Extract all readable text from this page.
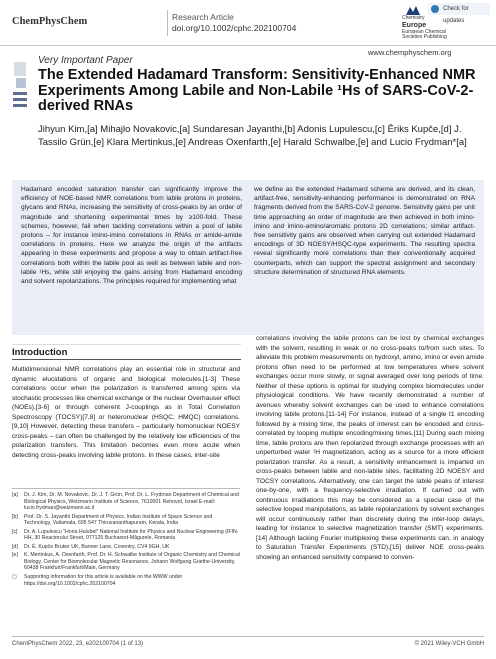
ChemPhysChem	Research Article
doi.org/10.1002/cphc.202100704
Chemistry
Europe
European Chemical
Societies Publishing
Check for updates
www.chemphyschem.org
Very Important Paper
The Extended Hadamard Transform: Sensitivity-Enhanced NMR Experiments Among Labile and Non-Labile ¹Hs of SARS-CoV-2-derived RNAs
Jihyun Kim,[a] Mihajlo Novakovic,[a] Sundaresan Jayanthi,[b] Adonis Lupulescu,[c] Ēriks Kupče,[d] J. Tassilo Grün,[e] Klara Mertinkus,[e] Andreas Oxenfarth,[e] Harald Schwalbe,[e] and Lucio Frydman*[a]
Hadamard encoded saturation transfer can significantly improve the efficiency of NOE-based NMR correlations from labile protons in proteins, glycans and RNAs, increasing the sensitivity of cross-peaks by an order of magnitude and shortening experimental times by ≥100-fold. These schemes, however, fail when tackling correlations within a pool of labile protons – for instance imino-imino correlations in RNAs or amide-amide correlations in proteins. Here we analyze the origin of the artifacts appearing in these experiments and propose a way to obtain artifact-free correlations both within the labile pool as well as between labile and non-labile ¹Hs, while still enjoying the gains arising from Hadamard encoding and solvent repolarizations. The principles required for implementing what
we define as the extended Hadamard scheme are derived, and its clean, artifact-free, sensitivity-enhancing performance is demonstrated on RNA fragments derived from the SARS-CoV-2 genome. Sensitivity gains per unit time approaching an order of magnitude are then achieved in both imino-imino and imino-amino/aromatic protons 2D correlations; similar artifact-free sensitivity gains are observed when carrying out extended Hadamard encodings of 3D NOESY/HSQC-type experiments. The resulting spectra reveal significantly more correlations than their conventionally acquired counterparts, which can support the spectral assignment and secondary structure determination of structured RNA elements.
Introduction
Multidimensional NMR correlations play an essential role in structural and dynamic elucidations of organic and biological molecules.[1-3] These correlations occur when the polarization is transferred among spins via stochastic processes like chemical exchange or the nuclear Overhauser effect (NOEs),[3-6] or through coherent J-couplings as in Total Correlation Spectroscopy (TOCSY)[7,8] or heteronuclear (HSQC, HMQC) correlations.[9,10] However, detecting these transfers – particularly homonuclear NOESY cross-peaks – can often be challenged by the relatively low efficiencies of the polarization transfers. This limitation becomes even more acute when detecting cross-peaks involving labile protons. In these cases, inter-site
correlations involving the labile protons can be lost by chemical exchanges with the solvent, resulting in weak or no cross-peaks to/from such sites. To alleviate this problem measurements on hydroxyl, amino, imino or even amide protons often need to be performed at low temperatures where solvent exchanges occur more slowly, or signal averaged over long periods of time. Neither of these options is optimal for studying complex biomolecules under physiological conditions. We have recently demonstrated a number of avenues whereby solvent exchanges can be used to enhance correlations involving labile protons.[11-14] For instance, instead of a single t1 encoding followed by a mixing time, the peaks of interest can be encoded and cross-correlated by looping multiple encoding/mixing times.[11] During each mixing time, labile protons are then repolarized through exchange processes with an unperturbed water ¹H magnetization, acting as a source for a more efficient polarization transfer. As a result, a sensitivity enhancement is imparted on cross-peaks between labile and non-labile sites, facilitating 2D NOESY and TOCSY correlations. Alternatively, one can target the labile peaks of interest one-by-one, with a frequency-selective irradiation. If carried out with continuous irradiations this may be considered as a special case of the selective looped manipulations, as labile repolarizations by solvent exchanges will occur continuously rather than discretely during the inter-loop delays, leading for instance to selective magnetization transfer (SMT) experiments.[14] Although lacking Fourier multiplexing these experiments can, in analogy to Saturation Transfer Experiments (STD),[15] deliver NOE cross-peaks showing an enhanced sensitivity compared to conven-
[a]	Dr. J. Kim, Dr. M. Novakovic, Dr. J. T. Grün, Prof. Dr. L. Frydman Department of Chemical and Biological Physics, Weizmann Institute of Science, 7610001 Rehovot, Israel E-mail: lucio.frydman@weizmann.ac.il
[b]	Prof. Dr. S. Jayanthi Department of Physics, Indian Institute of Space Science and Technology, Valiamala, 695 547 Thiruvananthapuram, Kerala, India
[c]	Dr. A. Lupulescu "Horia Hulubei" National Institute for Physics and Nuclear Engineering (IFIN-HH, 30 Reactorului Street, 077125 Bucharest-Măgurele, Romania
[d]	Dr. Ē. Kupče Bruker UK, Banner Lane, Coventry, CV4 9GH, UK
[e]	K. Mertinkus, A. Oxenfarth, Prof. Dr. H. Schwalbe Institute of Organic Chemistry and Chemical Biology, Center for Biomolecular Magnetic Resonance, Johann Wolfgang Goethe-University, 60438 Frankfurt/Frankfurt/Main, Germany
▢	Supporting information for this article is available on the WWW under https://doi.org/10.1002/cphc.202100704
ChemPhysChem 2022, 23, e202100704 (1 of 13)	© 2021 Wiley-VCH GmbH
